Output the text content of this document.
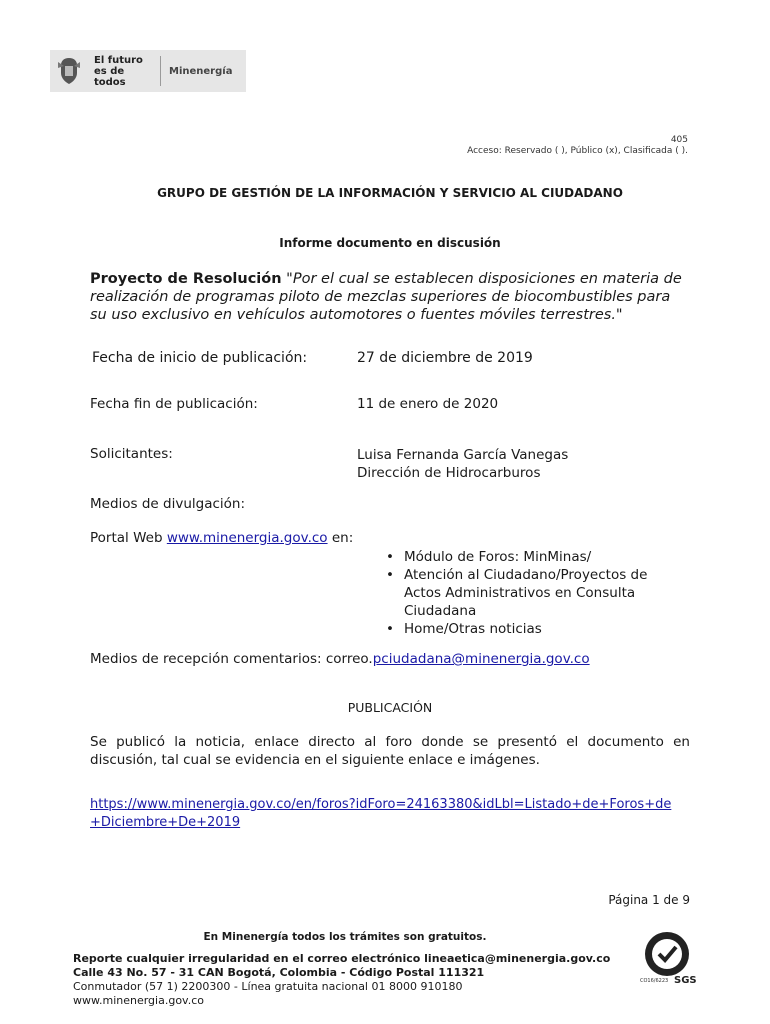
El futuro
es de todos
Minenergía
405
Acceso: Reservado ( ), Público (x), Clasificada ( ).
GRUPO DE GESTIÓN DE LA INFORMACIÓN Y SERVICIO AL CIUDADANO
Informe documento en discusión
Proyecto de Resolución "Por el cual se establecen disposiciones en materia de realización de programas piloto de mezclas superiores de biocombustibles para su uso exclusivo en vehículos automotores o fuentes móviles terrestres."
Fecha de inicio de publicación:	27 de diciembre de 2019
Fecha fin de publicación:	11 de enero de 2020
Solicitantes:	Luisa Fernanda García Vanegas
Dirección de Hidrocarburos
Medios de divulgación:
Portal Web www.minenergia.gov.co en:
• Módulo de Foros: MinMinas/
• Atención al Ciudadano/Proyectos de Actos Administrativos en Consulta Ciudadana
• Home/Otras noticias
Medios de recepción comentarios: correo.pciudadana@minenergia.gov.co
PUBLICACIÓN
Se publicó la noticia, enlace directo al foro donde se presentó el documento en discusión, tal cual se evidencia en el siguiente enlace e imágenes.
https://www.minenergia.gov.co/en/foros?idForo=24163380&idLbl=Listado+de+Foros+de
+Diciembre+De+2019
Página 1 de 9
En Minenergía todos los trámites son gratuitos.
Reporte cualquier irregularidad en el correo electrónico lineaetica@minenergia.gov.co
Calle 43 No. 57 - 31 CAN Bogotá, Colombia - Código Postal 111321
Conmutador (57 1) 2200300 - Línea gratuita nacional 01 8000 910180
www.minenergia.gov.co
CO16/6223 SGS
